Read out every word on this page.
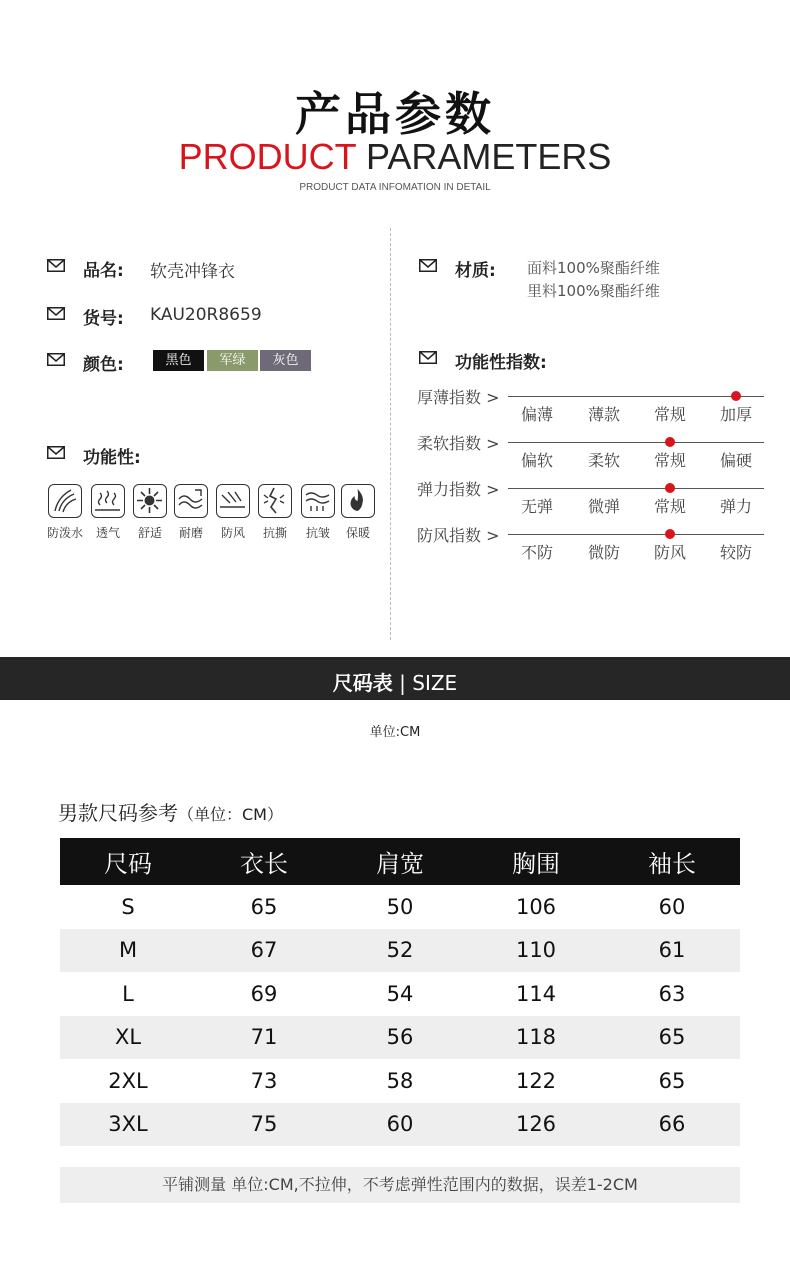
产品参数
PRODUCT PARAMETERS
PRODUCT DATA INFOMATION IN DETAIL
品名: 软壳冲锋衣
货号: KAU20R8659
颜色:	黑色	军绿	灰色
功能性:
防泼水	透气	舒适	耐磨	防风	抗撕	抗皱	保暖
材质: 面料100%聚酯纤维
里料100%聚酯纤维
功能性指数:
厚薄指数 >
偏薄	薄款	常规	加厚
柔软指数 >
偏软	柔软	常规	偏硬
弹力指数 >
无弹	微弹	常规	弹力
防风指数 >
不防	微防	防风	较防
尺码表 | SIZE
单位:CM
男款尺码参考（单位：CM）
尺码	衣长	肩宽	胸围	袖长
S	65	50	106	60
M	67	52	110	61
L	69	54	114	63
XL	71	56	118	65
2XL	73	58	122	65
3XL	75	60	126	66
平铺测量 单位:CM,不拉伸，不考虑弹性范围内的数据，误差1-2CM
